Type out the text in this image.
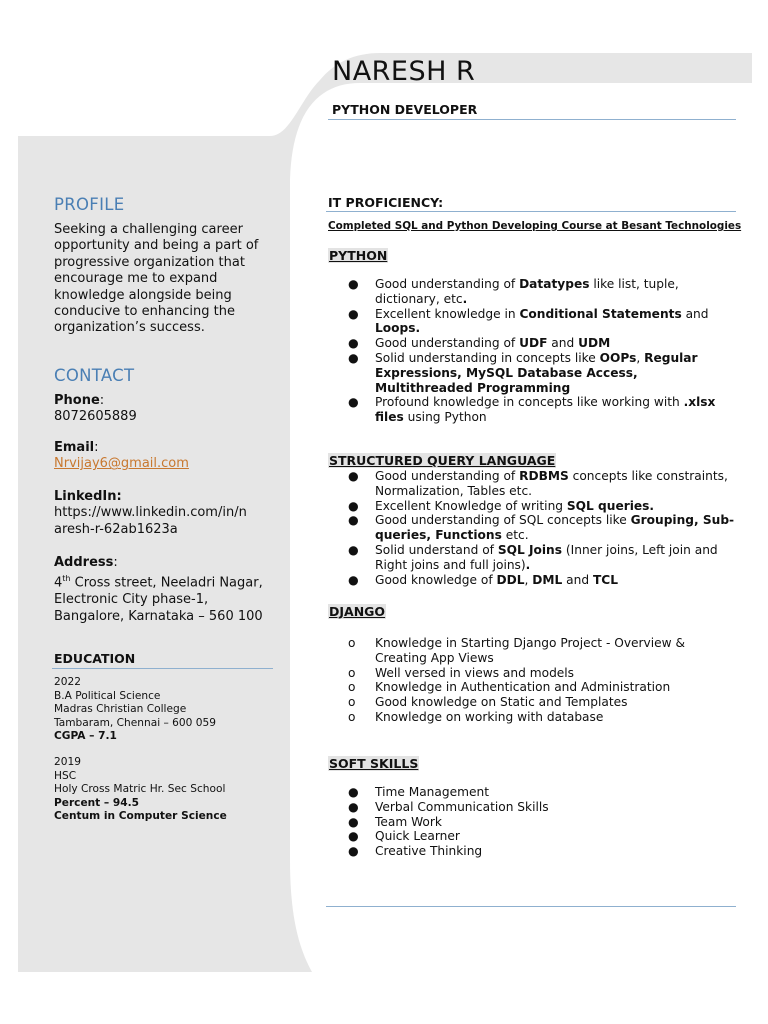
NARESH R
PYTHON DEVELOPER
PROFILE
Seeking a challenging career opportunity and being a part of progressive organization that encourage me to expand knowledge alongside being conducive to enhancing the organization’s success.
CONTACT
Phone:
8072605889
Email:
Nrvijay6@gmail.com
LinkedIn:
https://www.linkedin.com/in/n
aresh-r-62ab1623a
Address:
4th Cross street, Neeladri Nagar,
Electronic City phase-1,
Bangalore, Karnataka – 560 100
EDUCATION
2022
B.A Political Science
Madras Christian College
Tambaram, Chennai – 600 059
CGPA – 7.1
2019
HSC
Holy Cross Matric Hr. Sec School
Percent – 94.5
Centum in Computer Science
IT PROFICIENCY:
Completed SQL and Python Developing Course at Besant Technologies
PYTHON
● Good understanding of Datatypes like list, tuple, dictionary, etc.
● Excellent knowledge in Conditional Statements and Loops.
● Good understanding of UDF and UDM
● Solid understanding in concepts like OOPs, Regular Expressions, MySQL Database Access, Multithreaded Programming
● Profound knowledge in concepts like working with .xlsx files using Python
STRUCTURED QUERY LANGUAGE
● Good understanding of RDBMS concepts like constraints, Normalization, Tables etc.
● Excellent Knowledge of writing SQL queries.
● Good understanding of SQL concepts like Grouping, Sub-queries, Functions etc.
● Solid understand of SQL Joins (Inner joins, Left join and Right joins and full joins).
● Good knowledge of DDL, DML and TCL
DJANGO
o	Knowledge in Starting Django Project - Overview & Creating App Views
o	Well versed in views and models
o	Knowledge in Authentication and Administration
o	Good knowledge on Static and Templates
o	Knowledge on working with database
SOFT SKILLS
● Time Management
● Verbal Communication Skills
● Team Work
● Quick Learner
● Creative Thinking
